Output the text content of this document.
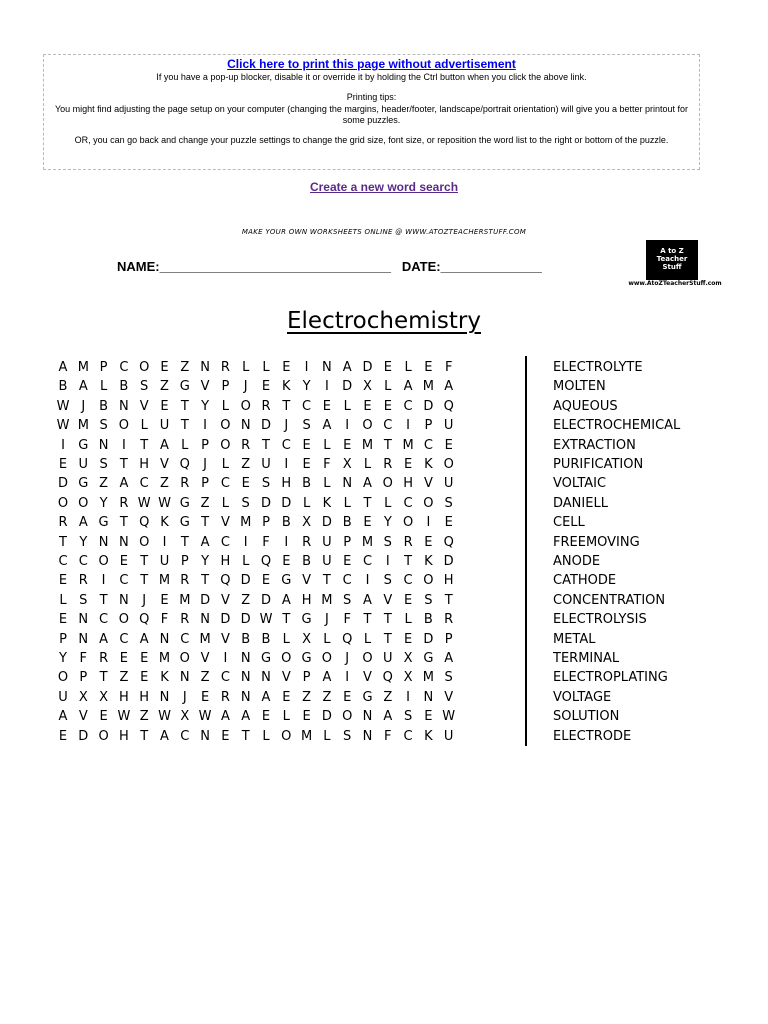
Click here to print this page without advertisement
If you have a pop-up blocker, disable it or override it by holding the Ctrl button when you click the above link.
Printing tips:
You might find adjusting the page setup on your computer (changing the margins, header/footer, landscape/portrait orientation) will give you a better printout for some puzzles.
OR, you can go back and change your puzzle settings to change the grid size, font size, or reposition the word list to the right or bottom of the puzzle.
Create a new word search
MAKE YOUR OWN WORKSHEETS ONLINE @ WWW.ATOZTEACHERSTUFF.COM
NAME:________________________________ DATE:______________
A to Z
Teacher
Stuff
www.AtoZTeacherStuff.com
Electrochemistry
A M P C O E Z N R L	L E	I	N A D E L E F
B A L B S Z G V P	J	E K Y	I	D X L A M A
W J	B N V E T Y L O R T C E L E E C D Q
W M S O L U T	I	O N D	J	S A	I	O C	I	P U
I	G N	I	T A L P O R T C E L E M T M C E
E U S T H V Q	J	L Z U	I	E F X L R E K O
D G Z A C Z R P C E S H B L N A O H V U
O O Y R W W G Z L S D D L K L T L C O S
R A G T Q K G T V M P B X D B E Y O	I	E
T Y N N O	I	T A C	I	F	I	R U P M S R E Q
C C O E T U P Y H L Q E B U E C	I	T K D
E R	I	C T M R T Q D E G V T C	I	S C O H
L S T N	J	E M D V Z D A H M S A V E S T
E N C O Q F R N D D W T G	J	F T T L B R
P N A C A N C M V B B L X L Q L T E D P
Y F R E E M O V	I	N G O G O	J	O U X G A
O P T Z E K N Z C N N V P A	I	V Q X M S
U X X H H N	J	E R N A E Z Z E G Z	I	N V
A V E W Z W X W A A E L E D O N A S E W
E D O H T A C N E T L O M L S N F C K U
ELECTROLYTE
MOLTEN
AQUEOUS
ELECTROCHEMICAL
EXTRACTION
PURIFICATION
VOLTAIC
DANIELL
CELL
FREEMOVING
ANODE
CATHODE
CONCENTRATION
ELECTROLYSIS
METAL
TERMINAL
ELECTROPLATING
VOLTAGE
SOLUTION
ELECTRODE
